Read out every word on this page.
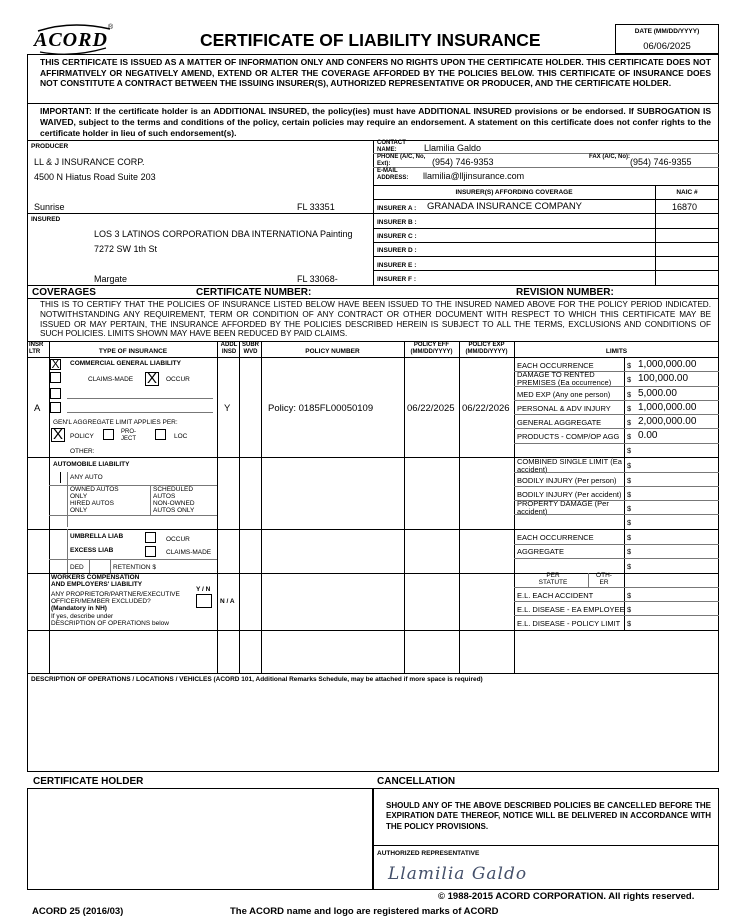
ACORD
®
CERTIFICATE OF LIABILITY INSURANCE	DATE (MM/DD/YYYY)
06/06/2025
THIS CERTIFICATE IS ISSUED AS A MATTER OF INFORMATION ONLY AND CONFERS NO RIGHTS UPON THE CERTIFICATE HOLDER. THIS CERTIFICATE DOES NOT AFFIRMATIVELY OR NEGATIVELY AMEND, EXTEND OR ALTER THE COVERAGE AFFORDED BY THE POLICIES BELOW. THIS CERTIFICATE OF INSURANCE DOES NOT CONSTITUTE A CONTRACT BETWEEN THE ISSUING INSURER(S), AUTHORIZED REPRESENTATIVE OR PRODUCER, AND THE CERTIFICATE HOLDER.
IMPORTANT: If the certificate holder is an ADDITIONAL INSURED, the policy(ies) must have ADDITIONAL INSURED provisions or be endorsed. If SUBROGATION IS WAIVED, subject to the terms and conditions of the policy, certain policies may require an endorsement. A statement on this certificate does not confer rights to the certificate holder in lieu of such endorsement(s).
PRODUCER
LL & J INSURANCE CORP.
4500 N Hiatus Road Suite 203
Sunrise	FL 33351
CONTACT NAME:	Llamilia Galdo
PHONE (A/C, No, Ext):	(954) 746-9353	FAX (A/C, No): (954) 746-9355
E-MAIL ADDRESS:	llamilia@lljinsurance.com
INSURER(S) AFFORDING COVERAGE	NAIC #
INSURER A : GRANADA INSURANCE COMPANY	16870
INSURER B :
INSURER C :
INSURER D :
INSURER E :
INSURER F :
INSURED
LOS 3 LATINOS CORPORATION DBA INTERNATIONA Painting
7272 SW 1th St
Margate	FL 33068-
COVERAGES	CERTIFICATE NUMBER:	REVISION NUMBER:
THIS IS TO CERTIFY THAT THE POLICIES OF INSURANCE LISTED BELOW HAVE BEEN ISSUED TO THE INSURED NAMED ABOVE FOR THE POLICY PERIOD INDICATED. NOTWITHSTANDING ANY REQUIREMENT, TERM OR CONDITION OF ANY CONTRACT OR OTHER DOCUMENT WITH RESPECT TO WHICH THIS CERTIFICATE MAY BE ISSUED OR MAY PERTAIN, THE INSURANCE AFFORDED BY THE POLICIES DESCRIBED HEREIN IS SUBJECT TO ALL THE TERMS, EXCLUSIONS AND CONDITIONS OF SUCH POLICIES. LIMITS SHOWN MAY HAVE BEEN REDUCED BY PAID CLAIMS.
INSR LTR	TYPE OF INSURANCE
ADDL INSD
SUBR WVD	POLICY NUMBER
POLICY EFF (MM/DD/YYYY)
POLICY EXP (MM/DD/YYYY)	LIMITS
A
X COMMERCIAL GENERAL LIABILITY
CLAIMS-MADE X	OCCUR
GEN'L AGGREGATE LIMIT APPLIES PER:
X	POLICY
PRO-JECT	LOC
OTHER:
Y	Policy: 0185FL00050109	06/22/2025 06/22/2026
EACH OCCURRENCE	$ 1,000,000.00
DAMAGE TO RENTED PREMISES (Ea occurrence)	$ 100,000.00
MED EXP (Any one person) $ 5,000.00
PERSONAL & ADV INJURY $ 1,000,000.00
GENERAL AGGREGATE	$ 2,000,000.00
PRODUCTS - COMP/OP AGG $ 0.00
$
AUTOMOBILE LIABILITY
ANY AUTO
OWNED AUTOS ONLY
SCHEDULED AUTOS
HIRED AUTOS ONLY
NON-OWNED AUTOS ONLY
COMBINED SINGLE LIMIT (Ea accident)	$
BODILY INJURY (Per person) $
BODILY INJURY (Per accident) $
PROPERTY DAMAGE (Per accident)	$
$
UMBRELLA LIAB	OCCUR
EXCESS LIAB	CLAIMS-MADE
DED	RETENTION $
EACH OCCURRENCE	$
AGGREGATE	$
$
WORKERS COMPENSATION
AND EMPLOYERS' LIABILITY
Y / N
ANY PROPRIETOR/PARTNER/EXECUTIVE
OFFICER/MEMBER EXCLUDED?
(Mandatory in NH)
If yes, describe under
DESCRIPTION OF OPERATIONS below
N / A
PER STATUTE
OTH-ER
E.L. EACH ACCIDENT	$
E.L. DISEASE - EA EMPLOYEE $
E.L. DISEASE - POLICY LIMIT $
DESCRIPTION OF OPERATIONS / LOCATIONS / VEHICLES (ACORD 101, Additional Remarks Schedule, may be attached if more space is required)
CERTIFICATE HOLDER	CANCELLATION
SHOULD ANY OF THE ABOVE DESCRIBED POLICIES BE CANCELLED BEFORE THE EXPIRATION DATE THEREOF, NOTICE WILL BE DELIVERED IN ACCORDANCE WITH THE POLICY PROVISIONS.
AUTHORIZED REPRESENTATIVE
Llamilia Galdo
© 1988-2015 ACORD CORPORATION. All rights reserved.
ACORD 25 (2016/03)	The ACORD name and logo are registered marks of ACORD
